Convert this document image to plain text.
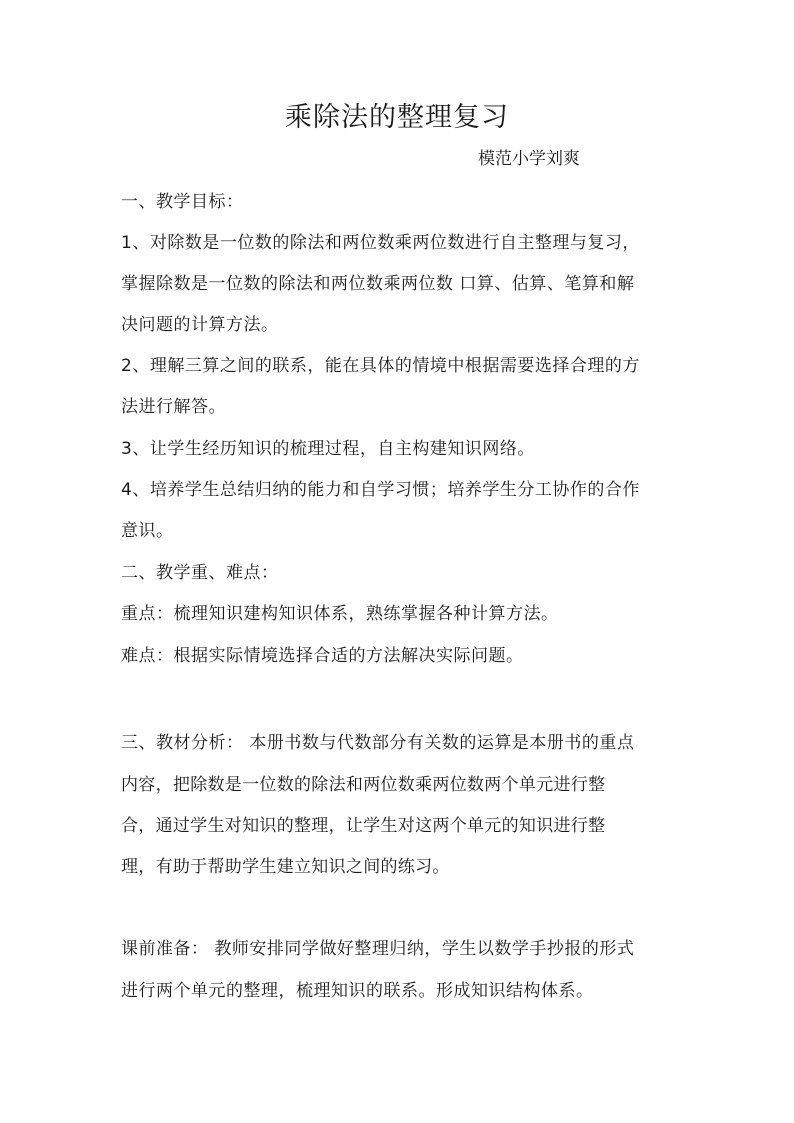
乘除法的整理复习
模范小学刘爽
一、教学目标：
1、对除数是一位数的除法和两位数乘两位数进行自主整理与复习，
掌握除数是一位数的除法和两位数乘两位数 口算、估算、笔算和解
决问题的计算方法。
2、理解三算之间的联系，能在具体的情境中根据需要选择合理的方
法进行解答。
3、让学生经历知识的梳理过程，自主构建知识网络。
4、培养学生总结归纳的能力和自学习惯；培养学生分工协作的合作
意识。
二、教学重、难点：
重点：梳理知识建构知识体系，熟练掌握各种计算方法。
难点：根据实际情境选择合适的方法解决实际问题。
三、教材分析： 本册书数与代数部分有关数的运算是本册书的重点
内容，把除数是一位数的除法和两位数乘两位数两个单元进行整
合，通过学生对知识的整理，让学生对这两个单元的知识进行整
理，有助于帮助学生建立知识之间的练习。
课前准备： 教师安排同学做好整理归纳，学生以数学手抄报的形式
进行两个单元的整理，梳理知识的联系。形成知识结构体系。
